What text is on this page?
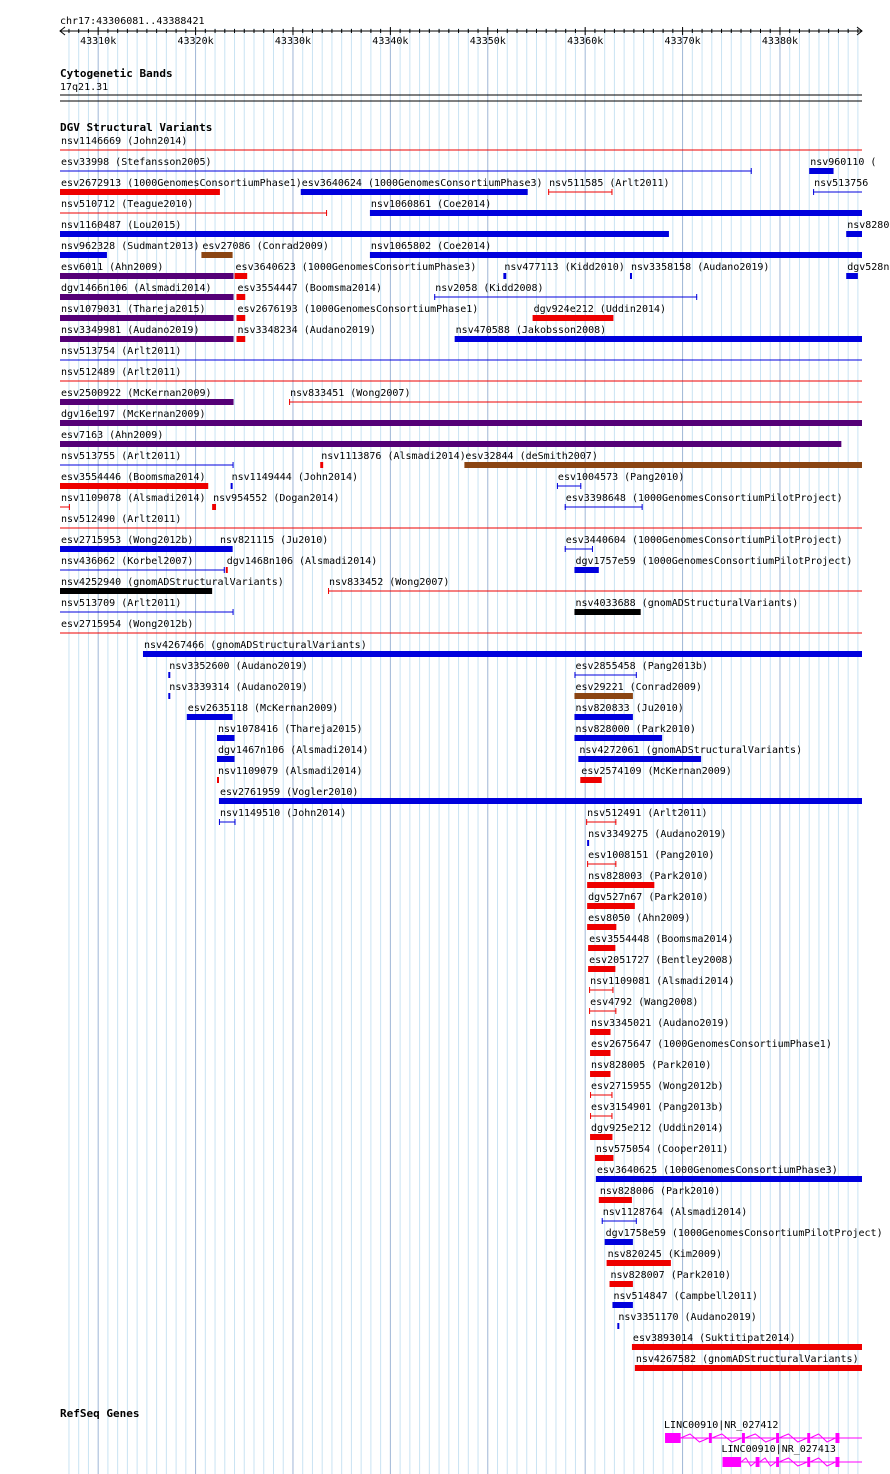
chr17:43306081..43388421
43310k	43320k	43330k	43340k	43350k	43360k	43370k	43380k
Cytogenetic Bands
17q21.31
DGV Structural Variants
nsv1146669 (John2014)
esv33998 (Stefansson2005)	nsv960110 (
esv2672913 (1000GenomesConsortiumPhase1) esv3640624 (1000GenomesConsortiumPhase3) nsv511585 (Arlt2011)	nsv513756
nsv510712 (Teague2010)	nsv1060861 (Coe2014)
nsv1160487 (Lou2015)	nsv8280
nsv962328 (Sudmant2013) esv27086 (Conrad2009)	nsv1065802 (Coe2014)
esv6011 (Ahn2009)	esv3640623 (1000GenomesConsortiumPhase3)	nsv477113 (Kidd2010) nsv3358158 (Audano2019)	dgv528n
dgv1466n106 (Alsmadi2014)	esv3554447 (Boomsma2014)	nsv2058 (Kidd2008)
nsv1079031 (Thareja2015)	esv2676193 (1000GenomesConsortiumPhase1)	dgv924e212 (Uddin2014)
nsv3349981 (Audano2019)	nsv3348234 (Audano2019)	nsv470588 (Jakobsson2008)
nsv513754 (Arlt2011)
nsv512489 (Arlt2011)
esv2500922 (McKernan2009)	nsv833451 (Wong2007)
dgv16e197 (McKernan2009)
esv7163 (Ahn2009)
nsv513755 (Arlt2011)	nsv1113876 (Alsmadi2014) esv32844 (deSmith2007)
esv3554446 (Boomsma2014)	nsv1149444 (John2014)	esv1004573 (Pang2010)
nsv1109078 (Alsmadi2014) nsv954552 (Dogan2014)	esv3398648 (1000GenomesConsortiumPilotProject)
nsv512490 (Arlt2011)
esv2715953 (Wong2012b)	nsv821115 (Ju2010)	esv3440604 (1000GenomesConsortiumPilotProject)
nsv436062 (Korbel2007)	dgv1468n106 (Alsmadi2014)	dgv1757e59 (1000GenomesConsortiumPilotProject)
nsv4252940 (gnomADStructuralVariants)	nsv833452 (Wong2007)
nsv513709 (Arlt2011)	nsv4033688 (gnomADStructuralVariants)
esv2715954 (Wong2012b)
nsv4267466 (gnomADStructuralVariants)
nsv3352600 (Audano2019)	esv2855458 (Pang2013b)
nsv3339314 (Audano2019)	esv29221 (Conrad2009)
esv2635118 (McKernan2009)	nsv820833 (Ju2010)
nsv1078416 (Thareja2015)	nsv828000 (Park2010)
dgv1467n106 (Alsmadi2014)	nsv4272061 (gnomADStructuralVariants)
nsv1109079 (Alsmadi2014)	esv2574109 (McKernan2009)
esv2761959 (Vogler2010)
nsv1149510 (John2014)	nsv512491 (Arlt2011)
nsv3349275 (Audano2019)
esv1008151 (Pang2010)
nsv828003 (Park2010)
dgv527n67 (Park2010)
esv8050 (Ahn2009)
esv3554448 (Boomsma2014)
esv2051727 (Bentley2008)
nsv1109081 (Alsmadi2014)
esv4792 (Wang2008)
nsv3345021 (Audano2019)
esv2675647 (1000GenomesConsortiumPhase1)
nsv828005 (Park2010)
esv2715955 (Wong2012b)
esv3154901 (Pang2013b)
dgv925e212 (Uddin2014)
nsv575054 (Cooper2011)
esv3640625 (1000GenomesConsortiumPhase3)
nsv828006 (Park2010)
nsv1128764 (Alsmadi2014)
dgv1758e59 (1000GenomesConsortiumPilotProject)
nsv820245 (Kim2009)
nsv828007 (Park2010)
nsv514847 (Campbell2011)
nsv3351170 (Audano2019)
esv3893014 (Suktitipat2014)
nsv4267582 (gnomADStructuralVariants)
RefSeq Genes
LINC00910|NR_027412
LINC00910|NR_027413
